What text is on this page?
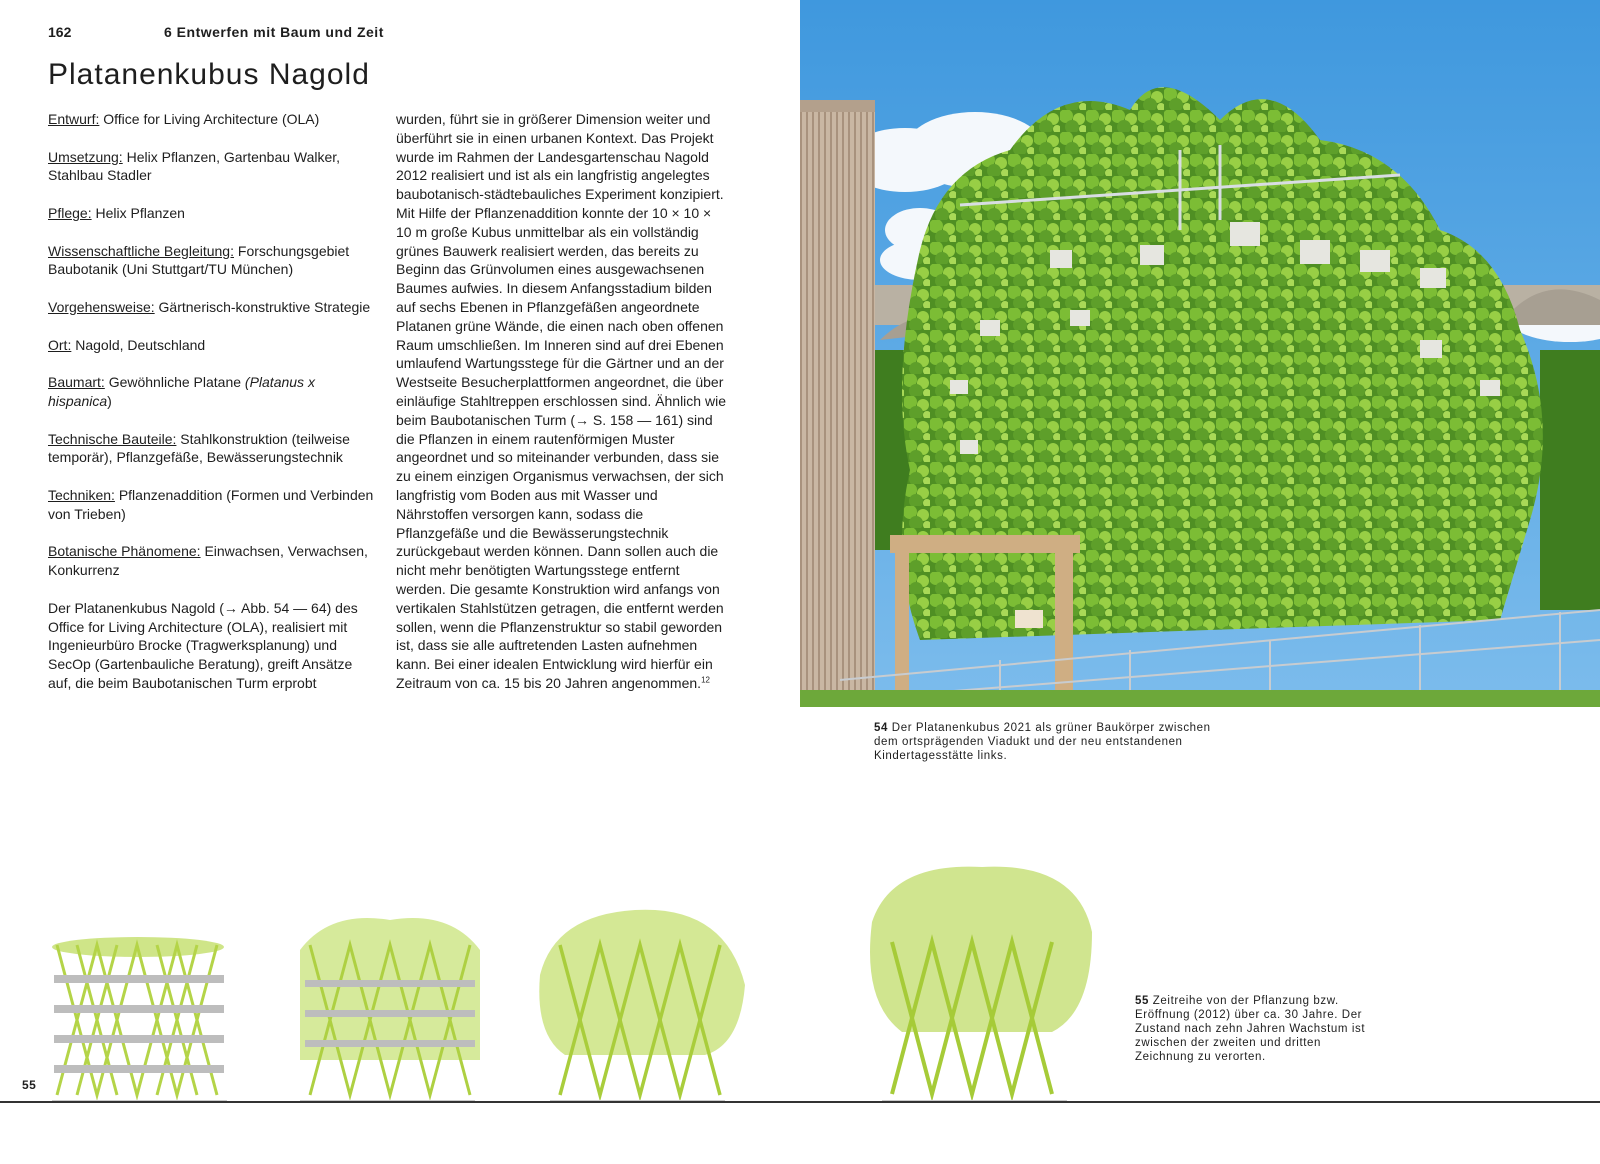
162	6 Entwerfen mit Baum und Zeit
Platanenkubus Nagold

Entwurf: Office for Living Architecture (OLA)

Umsetzung: Helix Pflanzen, Gartenbau Walker, Stahlbau Stadler

Pflege: Helix Pflanzen

Wissenschaftliche Begleitung: Forschungsgebiet Baubotanik (Uni Stuttgart/TU München)

Vorgehensweise: Gärtnerisch-konstruktive Strategie

Ort: Nagold, Deutschland

Baumart: Gewöhnliche Platane (Platanus x hispanica)

Technische Bauteile: Stahlkonstruktion (teilweise temporär), Pflanzgefäße, Bewässerungstechnik

Techniken: Pflanzenaddition (Formen und Verbinden von Trieben)

Botanische Phänomene: Einwachsen, Verwachsen, Konkurrenz

Der Platanenkubus Nagold (→ Abb. 54 — 64) des Office for Living Architecture (OLA), realisiert mit Ingenieurbüro Brocke (Tragwerksplanung) und SecOp (Gartenbauliche Beratung), greift Ansätze auf, die beim Baubotanischen Turm erprobt

wurden, führt sie in größerer Dimension weiter und überführt sie in einen urbanen Kontext. Das Projekt wurde im Rahmen der Landesgartenschau Nagold 2012 realisiert und ist als ein langfristig angelegtes baubotanisch-städtebauliches Experiment konzipiert. Mit Hilfe der Pflanzenaddition konnte der 10 × 10 × 10 m große Kubus unmittelbar als ein vollständig grünes Bauwerk realisiert werden, das bereits zu Beginn das Grünvolumen eines ausgewachsenen Baumes aufwies. In diesem Anfangsstadium bilden auf sechs Ebenen in Pflanzgefäßen angeordnete Platanen grüne Wände, die einen nach oben offenen Raum umschließen. Im Inneren sind auf drei Ebenen umlaufend Wartungsstege für die Gärtner und an der Westseite Besucherplattformen angeordnet, die über einläufige Stahltreppen erschlossen sind. Ähnlich wie beim Baubotanischen Turm (→ S. 158 — 161) sind die Pflanzen in einem rautenförmigen Muster angeordnet und so miteinander verbunden, dass sie zu einem einzigen Organismus verwachsen, der sich langfristig vom Boden aus mit Wasser und Nährstoffen versorgen kann, sodass die Pflanzgefäße und die Bewässerungstechnik zurückgebaut werden können. Dann sollen auch die nicht mehr benötigten Wartungsstege entfernt werden. Die gesamte Konstruktion wird anfangs von vertikalen Stahlstützen getragen, die entfernt werden sollen, wenn die Pflanzenstruktur so stabil geworden ist, dass sie alle auftretenden Lasten aufnehmen kann. Bei einer idealen Entwicklung wird hierfür ein Zeitraum von ca. 15 bis 20 Jahren angenommen.$^{12}$

54 Der Platanenkubus 2021 als grüner Baukörper zwischen dem ortsprägenden Viadukt und der neu entstandenen Kindertagesstätte links.
55 Zeitreihe von der Pflanzung bzw. Eröffnung (2012) über ca. 30 Jahre. Der Zustand nach zehn Jahren Wachstum ist zwischen der zweiten und dritten Zeichnung zu verorten.
55
